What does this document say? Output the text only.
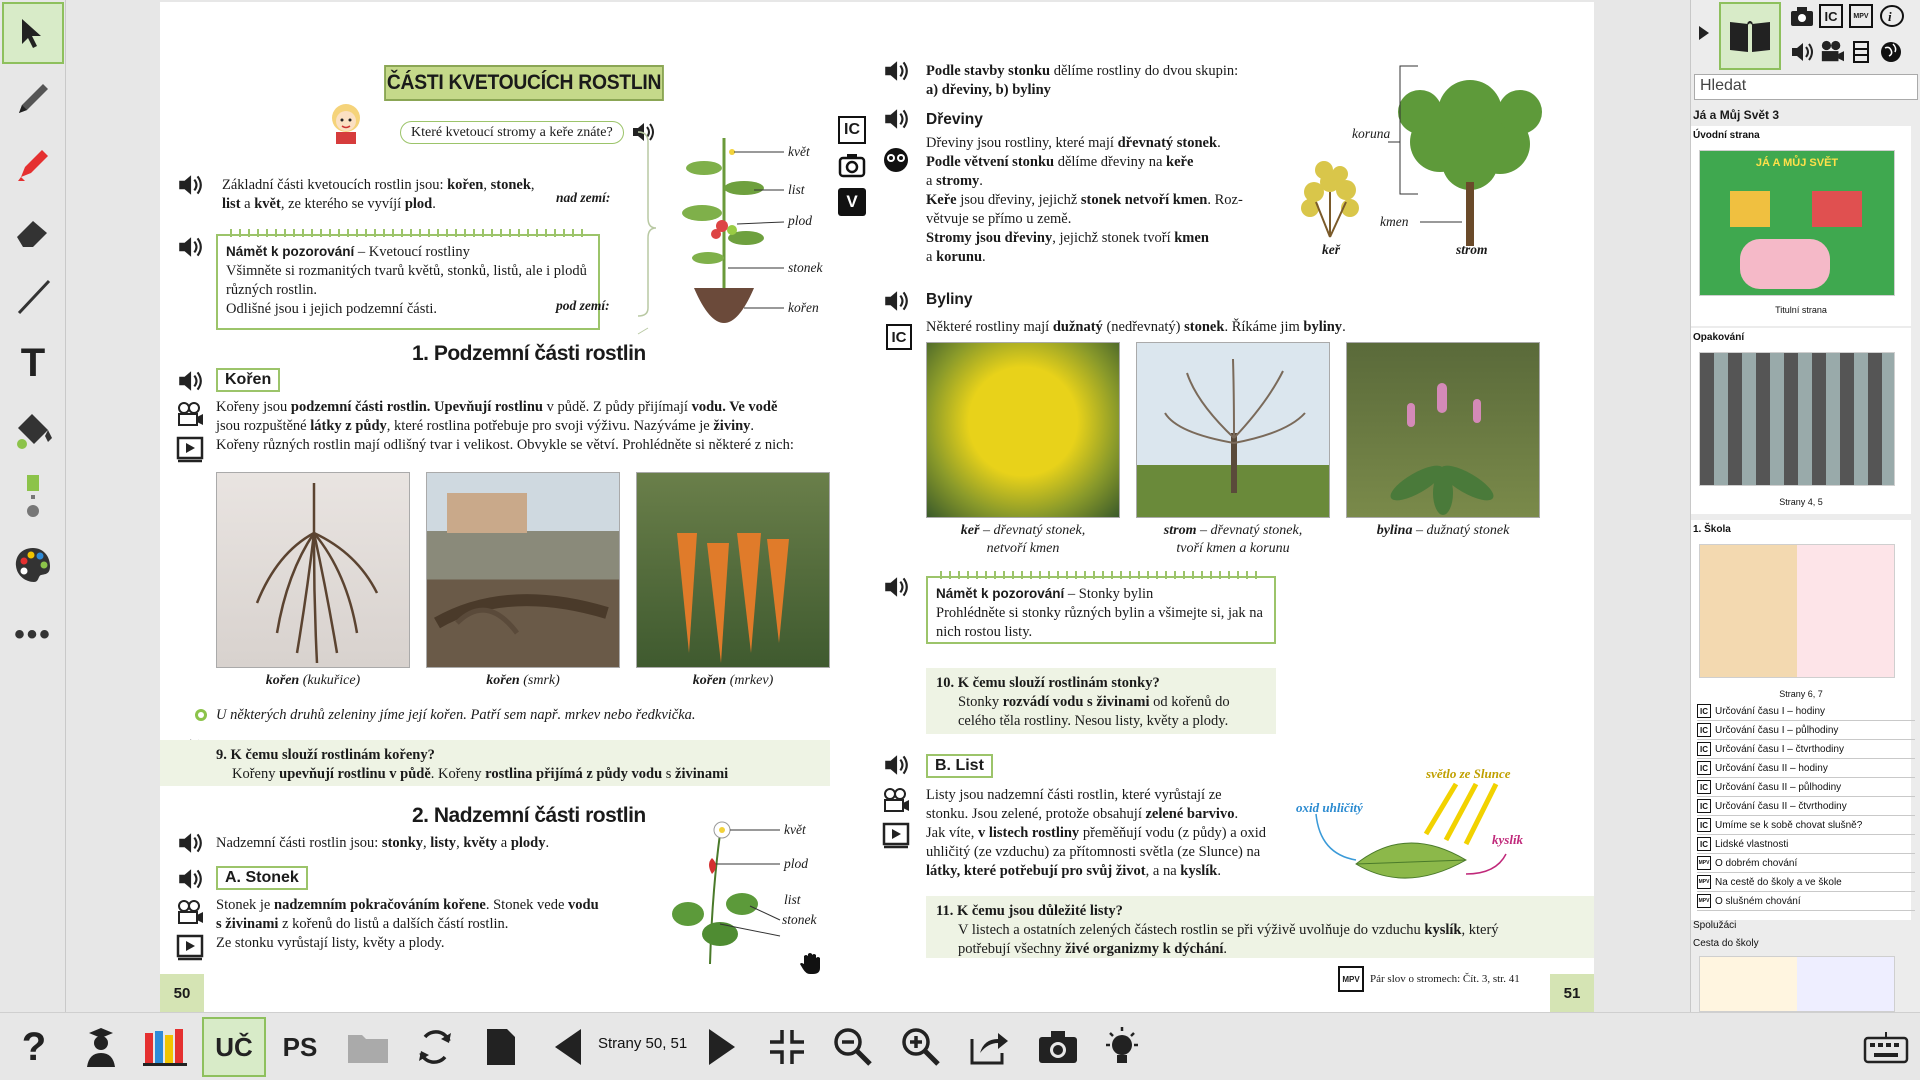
T
•••
ČÁSTI KVETOUCÍCH ROSTLIN
Které kvetoucí stromy a keře znáte?
Základní části kvetoucích rostlin jsou: kořen, stonek,
list a květ, ze kterého se vyvíjí plod.
Námět k pozorování – Kvetoucí rostliny
Všimněte si rozmanitých tvarů květů, stonků, listů, ale i plodů různých rostlin.
Odlišné jsou i jejich podzemní části.
nad zemí:
pod zemí:
květ
list
plod
stonek
kořen
1. Podzemní části rostlin
Kořen
Kořeny jsou podzemní části rostlin. Upevňují rostlinu v půdě. Z půdy přijímají vodu. Ve vodě
jsou rozpuštěné látky z půdy, které rostlina potřebuje pro svoji výživu. Nazýváme je živiny.
Kořeny různých rostlin mají odlišný tvar i velikost. Obvykle se větví. Prohlédněte si některé z nich:
kořen (kukuřice)	kořen (smrk)	kořen (mrkev)
U některých druhů zeleniny jíme její kořen. Patří sem např. mrkev nebo ředkvička.
9. K čemu slouží rostlinám kořeny?
Kořeny upevňují rostlinu v půdě. Kořeny rostlina přijímá z půdy vodu s živinami
2. Nadzemní části rostlin
Nadzemní části rostlin jsou: stonky, listy, květy a plody.
A. Stonek
Stonek je nadzemním pokračováním kořene. Stonek vede vodu
s živinami z kořenů do listů a dalších částí rostlin.
Ze stonku vyrůstají listy, květy a plody.
květ
plod
list
stonek
50
IC
V
Podle stavby stonku dělíme rostliny do dvou skupin:
a) dřeviny, b) byliny
Dřeviny
Dřeviny jsou rostliny, které mají dřevnatý stonek.
Podle větvení stonku dělíme dřeviny na keře
a stromy.
Keře jsou dřeviny, jejichž stonek netvoří kmen. Roz-
větvuje se přímo u země.
Stromy jsou dřeviny, jejichž stonek tvoří kmen
a korunu.
koruna
kmen
keř	strom
Byliny
IC
Některé rostliny mají dužnatý (nedřevnatý) stonek. Říkáme jim byliny.
keř – dřevnatý stonek,
netvoří kmen
strom – dřevnatý stonek,
tvoří kmen a korunu
bylina – dužnatý stonek
Námět k pozorování – Stonky bylin
Prohlédněte si stonky různých bylin a všimejte si, jak na nich rostou listy.
10. K čemu slouží rostlinám stonky?

Stonky rozvádí vodu s živinami od kořenů do celého těla rostliny. Nesou listy, květy a plody.
B. List
Listy jsou nadzemní části rostlin, které vyrůstají ze
stonku. Jsou zelené, protože obsahují zelené barvivo.
Jak víte, v listech rostliny přeměňují vodu (z půdy) a oxid
uhličitý (ze vzduchu) za přítomnosti světla (ze Slunce) na
látky, které potřebují pro svůj život, a na kyslík.
světlo ze Slunce
oxid uhličitý
kyslík
11. K čemu jsou důležité listy?

V listech a ostatních zelených částech rostlin se při výživě uvolňuje do vzduchu kyslík, který
potřebují všechny živé organizmy k dýchání.
MPV Pár slov o stromech: Čít. 3, str. 41
51
IC	MPV	i
Hledat
Já a Můj Svět 3
Úvodní strana
JÁ A MŮJ SVĚT
Titulní strana
Opakování
Strany 4, 5
1. Škola
Strany 6, 7
IC Určování času I – hodiny
IC Určování času I – půlhodiny
IC Určování času I – čtvrthodiny
IC Určování času II – hodiny
IC Určování času II – půlhodiny
IC Určování času II – čtvrthodiny
IC Umíme se k sobě chovat slušně?
IC Lidské vlastnosti
MPV O dobrém chování
MPV Na cestě do školy a ve škole
MPV O slušném chování
Spolužáci
Cesta do školy
?	UČ PS	Strany 50, 51
